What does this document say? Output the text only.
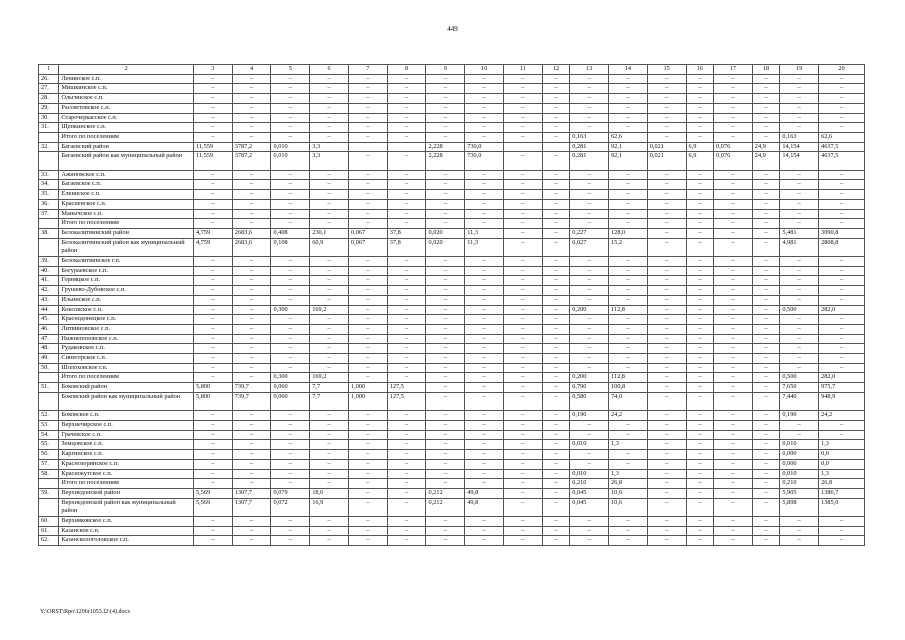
449
1	2	3	4	5	6	7	8	9	10	11	12	13	14	15	16	17	18	19	20
26.	Ленинское с.п.	–	–	–	–	–	–	–	–	–	–	–	–	–	–	–	–	–	–
27.	Мишкинское с.п.	–	–	–	–	–	–	–	–	–	–	–	–	–	–	–	–	–	–
28.	Ольгинское с.п.	–	–	–	–	–	–	–	–	–	–	–	–	–	–	–	–	–	–
29.	Рассветовское с.п.	–	–	–	–	–	–	–	–	–	–	–	–	–	–	–	–	–	–
30.	Старочеркасское с.п.	–	–	–	–	–	–	–	–	–	–	–	–	–	–	–	–	–	–
31.	Щепкинское с.п.	–	–	–	–	–	–	–	–	–	–	–	–	–	–	–	–	–	–
	Итого по поселениям	–	–	–	–	–	–	–	–	–	–	0,163	62,6	–	–	–	–	0,163	62,6
32.	Багаевский район	11,559	3787,2	0,010	3,3			2,228	730,0			0,281	92,1	0,021	6,9	0,076	24,9	14,154	4637,5
	Багаевский район как муниципальный район	11,559	3787,2	0,010	3,3	–	–	2,228	730,0	–	–	0,281	92,1	0,021	6,9	0,076	24,9	14,154	4637,5
33.	Ажиновское с.п.	–	–	–	–	–	–	–	–	–	–	–	–	–	–	–	–	–	–
34.	Багаевское с.п.	–	–	–	–	–	–	–	–	–	–	–	–	–	–	–	–	–	–
35.	Елкинское с.п.	–	–	–	–	–	–	–	–	–	–	–	–	–	–	–	–	–	–
36.	Красненское с.п.	–	–	–	–	–	–	–	–	–	–	–	–	–	–	–	–	–	–
37.	Манычское с.п.	–	–	–	–	–	–	–	–	–	–	–	–	–	–	–	–	–	–
	Итого по поселениям	–	–	–	–	–	–	–	–	–	–	–	–	–	–	–	–	–	–
38.	Белокалитвинский район	4,759	2683,6	0,408	230,1	0,067	37,8	0,020	11,3	–	–	0,227	128,0	–	–	–	–	5,481	3090,8
	Белокалитвинский район как муниципальный район	4,759	2683,6	0,108	60,9	0,067	37,8	0,020	11,3	–	–	0,027	15,2	–	–	–	–	4,981	2808,8
39.	Белокалитвинское г.п.	–	–	–	–	–	–	–	–	–	–	–	–	–	–	–	–	–	–
40.	Богураевское с.п.	–	–	–	–	–	–	–	–	–	–	–	–	–	–	–	–	–	–
41.	Горняцкое с.п.	–	–	–	–	–	–	–	–	–	–	–	–	–	–	–	–	–	–
42.	Грушево-Дубовское с.п.	–	–	–	–	–	–	–	–	–	–	–	–	–	–	–	–	–	–
43.	Ильинское с.п.	–	–	–	–	–	–	–	–	–	–	–	–	–	–	–	–	–	–
44.	Коксовское с.п.	–	–	0,300	169,2	–	–	–	–	–	–	0,200	112,8	–	–	–	–	0,500	282,0
45.	Краснодонецкое с.п.	–	–	–	–	–	–	–	–	–	–	–	–	–	–	–	–	–	–
46.	Литвиновское с.п.	–	–	–	–	–	–	–	–	–	–	–	–	–	–	–	–	–	–
47.	Нижнепоповское с.п.	–	–	–	–	–	–	–	–	–	–	–	–	–	–	–	–	–	–
48.	Рудаковское с.п.	–	–	–	–	–	–	–	–	–	–	–	–	–	–	–	–	–	–
49.	Синегорское с.п.	–	–	–	–	–	–	–	–	–	–	–	–	–	–	–	–	–	–
50.	Шолоховское г.п.	–	–	–	–	–	–	–	–	–	–	–	–	–	–	–	–	–	–
	Итого по поселениям	–	–	0,300	169,2	–	–	–	–	–	–	0,200	112,8	–	–	–	–	0,500	282,0
51.	Боковский район	5,800	739,7	0,060	7,7	1,000	127,5	–	–	–	–	0,790	100,8	–	–	–	–	7,650	975,7
	Боковский район как муниципальный район	5,800	739,7	0,060	7,7	1,000	127,5	–	–	–	–	0,580	74,0	–	–	–	–	7,440	948,9
52.	Боковское с.п.	–	–	–	–	–	–	–	–	–	–	0,190	24,2	–	–	–	–	0,190	24,2
53.	Верхнечирское с.п.	–	–	–	–	–	–	–	–	–	–	–	–	–	–	–	–	–	–
54.	Грачевское с.п.	–	–	–	–	–	–	–	–	–	–	–	–	–	–	–	–	–	–
55.	Земцовское с.п.	–	–	–	–	–	–	–	–	–	–	0,010	1,3	–	–	–	–	0,010	1,3
56.	Каргинское с.п.	–	–	–	–	–	–	–	–	–	–	–	–	–	–	–	–	0,000	0,0
57.	Краснозоринское с.п.	–	–	–	–	–	–	–	–	–	–	–	–	–	–	–	–	0,000	0,0
58.	Краснокутское с.п.	–	–	–	–	–	–	–	–	–	–	0,010	1,3	–	–	–	–	0,010	1,3
	Итого по поселениям	–	–	–	–	–	–	–	–	–	–	0,210	26,8	–	–	–	–	0,210	26,8
59.	Верхнедонской район	5,569	1307,7	0,079	18,6	–	–	0,212	49,8	–	–	0,045	10,6	–	–	–	–	5,905	1386,7
	Верхнедонской район как муниципальный район	5,569	1307,7	0,072	16,9	–	–	0,212	49,8	–	–	0,045	10,6	–	–	–	–	5,898	1385,0
60.	Верхняковское с.п.	–	–	–	–	–	–	–	–	–	–	–	–	–	–	–	–	–	–
61.	Казанское с.п.	–	–	–	–	–	–	–	–	–	–	–	–	–	–	–	–	–	–
62.	Казанскологоловское с.п.	–	–	–	–	–	–	–	–	–	–	–	–	–	–	–	–	–	–
Y:\ORST\Rpo\1206r1053.f2\(4).docx
